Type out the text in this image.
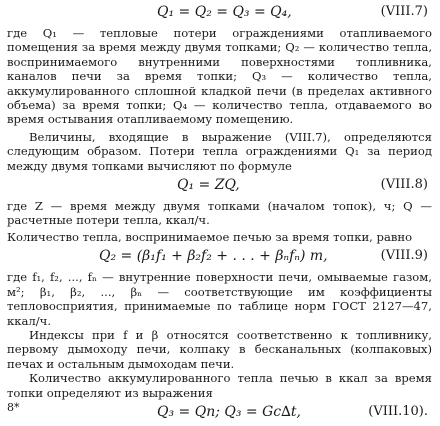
Q₁ = Q₂ = Q₃ = Q₄,	(VIII.7)

где Q₁ — тепловые потери ограждениями отапливаемого помещения за время между двумя топками; Q₂ — количество тепла, воспринимаемого внутренними поверхностями топливника, каналов печи за время топки; Q₃ — количество тепла, аккумулированного сплошной кладкой печи (в пределах активного объема) за время топки; Q₄ — количество тепла, отдаваемого во время остывания отапливаемому помещению.

Величины, входящие в выражение (VIII.7), определяются следующим образом. Потери тепла ограждениями Q₁ за период между двумя топками вычисляют по формуле

Q₁ = ZQ,	(VIII.8)

где Z — время между двумя топками (началом топок), ч; Q — расчетные потери тепла, ккал/ч.

Количество тепла, воспринимаемое печью за время топки, равно

Q₂ = (β₁f₁ + β₂f₂ + . . . + βₙfₙ) m,	(VIII.9)

где f₁, f₂, ..., fₙ — внутренние поверхности печи, омываемые газом, м²; β₁, β₂, ..., βₙ — соответствующие им коэффициенты тепловосприятия, принимаемые по таблице норм ГОСТ 2127—47, ккал/ч.

Индексы при f и β относятся соответственно к топливнику, первому дымоходу печи, колпаку в бесканальных (колпаковых) печах и остальным дымоходам печи.

Количество аккумулированного тепла печью в ккал за время топки определяют из выражения

Q₃ = Qn; Q₃ = Gc∆t,	(VIII.10).
8*
